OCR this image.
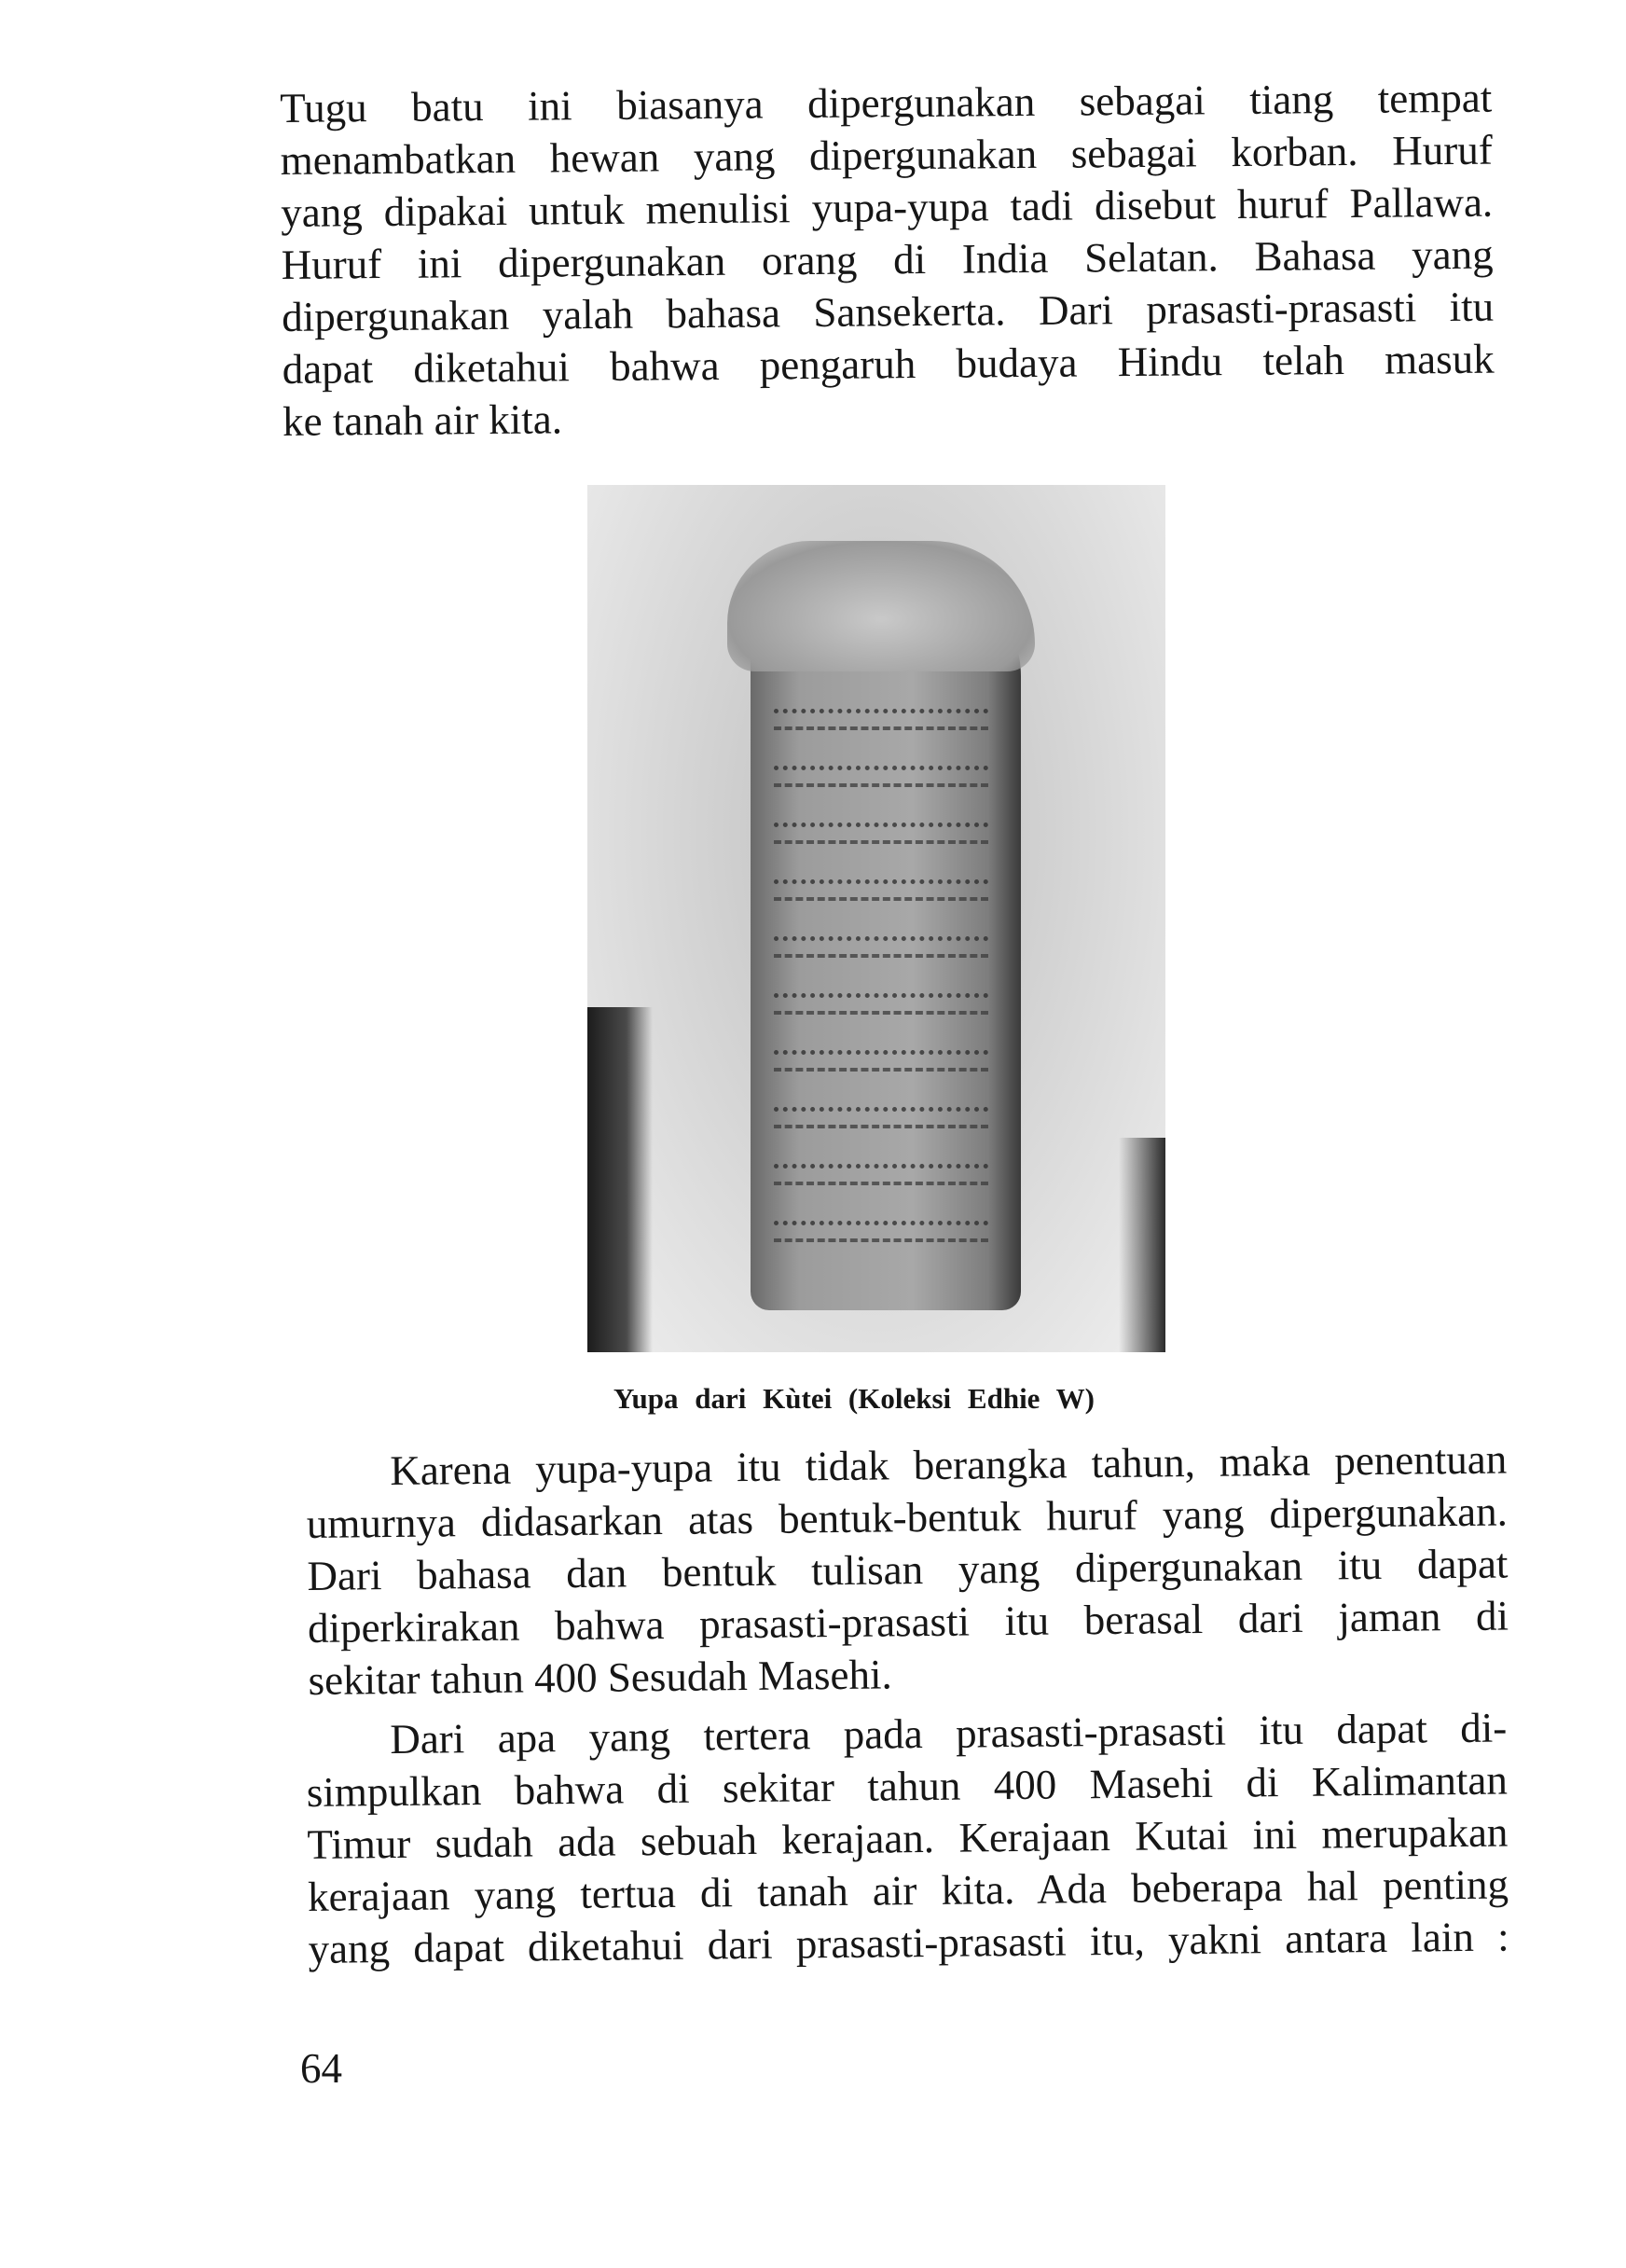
Tugu batu ini biasanya dipergunakan sebagai tiang tempat
menambatkan hewan yang dipergunakan sebagai korban. Huruf
yang dipakai untuk menulisi yupa-yupa tadi disebut huruf Pallawa.
Huruf ini dipergunakan orang di India Selatan. Bahasa yang
dipergunakan yalah bahasa Sansekerta. Dari prasasti-prasasti itu
dapat diketahui bahwa pengaruh budaya Hindu telah masuk
ke tanah air kita.
Yupa dari Kùtei (Koleksi Edhie W)
Karena yupa-yupa itu tidak berangka tahun, maka penentuan
umurnya didasarkan atas bentuk-bentuk huruf yang dipergunakan.
Dari bahasa dan bentuk tulisan yang dipergunakan itu dapat
diperkirakan bahwa prasasti-prasasti itu berasal dari jaman di
sekitar tahun 400 Sesudah Masehi.
Dari apa yang tertera pada prasasti-prasasti itu dapat di-
simpulkan bahwa di sekitar tahun 400 Masehi di Kalimantan
Timur sudah ada sebuah kerajaan. Kerajaan Kutai ini merupakan
kerajaan yang tertua di tanah air kita. Ada beberapa hal penting
yang dapat diketahui dari prasasti-prasasti itu, yakni antara lain :
64
